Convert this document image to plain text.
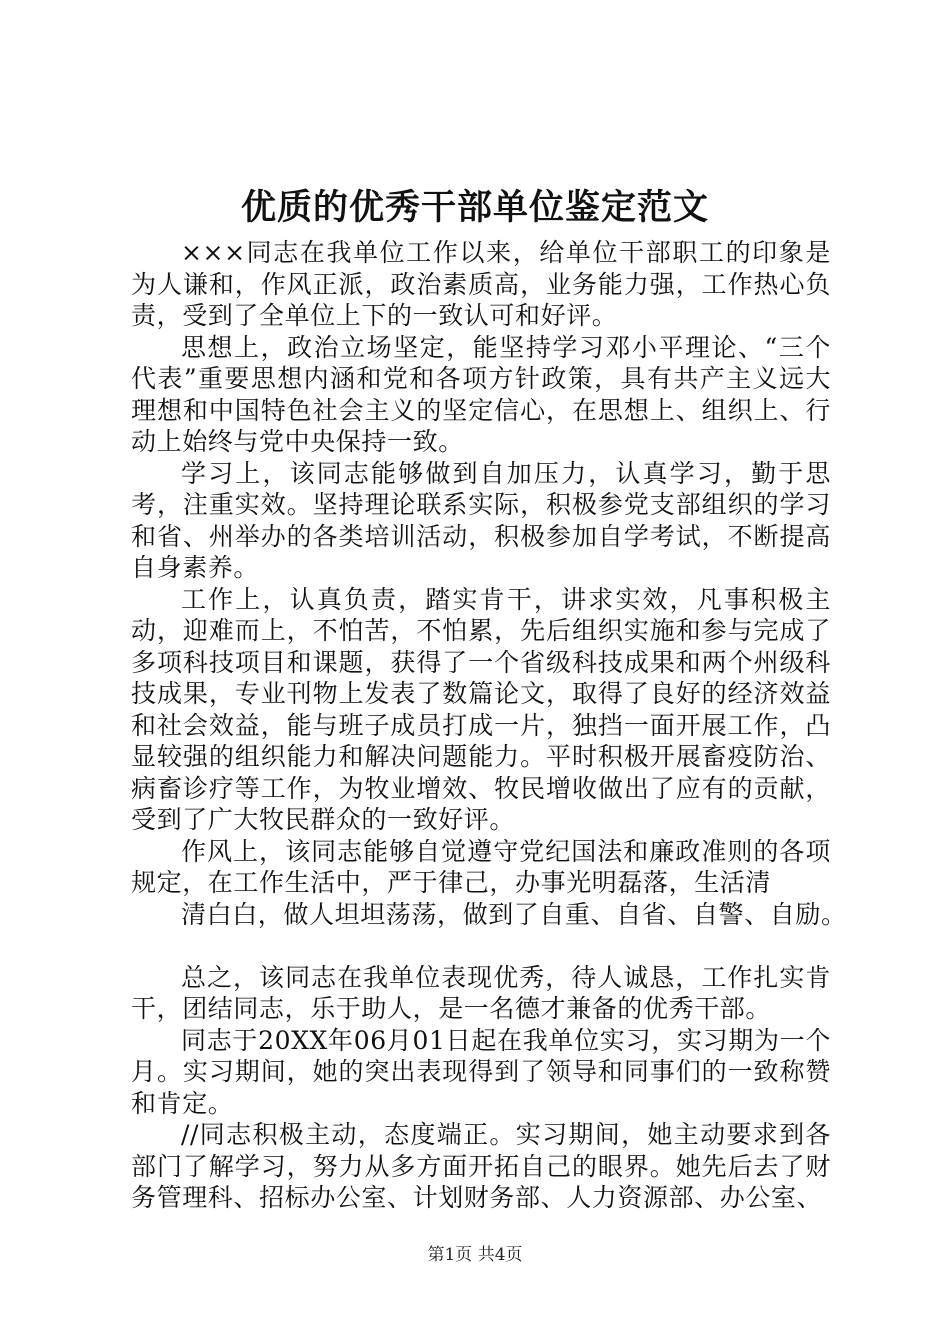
优质的优秀干部单位鉴定范文

×××同志在我单位工作以来，给单位干部职工的印象是为人谦和，作风正派，政治素质高，业务能力强，工作热心负责，受到了全单位上下的一致认可和好评。

思想上，政治立场坚定，能坚持学习邓小平理论、“三个代表”重要思想内涵和党和各项方针政策，具有共产主义远大理想和中国特色社会主义的坚定信心，在思想上、组织上、行动上始终与党中央保持一致。

学习上，该同志能够做到自加压力，认真学习，勤于思考，注重实效。坚持理论联系实际，积极参党支部组织的学习和省、州举办的各类培训活动，积极参加自学考试，不断提高自身素养。

工作上，认真负责，踏实肯干，讲求实效，凡事积极主动，迎难而上，不怕苦，不怕累，先后组织实施和参与完成了多项科技项目和课题，获得了一个省级科技成果和两个州级科技成果，专业刊物上发表了数篇论文，取得了良好的经济效益和社会效益，能与班子成员打成一片，独挡一面开展工作，凸显较强的组织能力和解决问题能力。平时积极开展畜疫防治、病畜诊疗等工作，为牧业增效、牧民增收做出了应有的贡献，受到了广大牧民群众的一致好评。

作风上，该同志能够自觉遵守党纪国法和廉政准则的各项规定，在工作生活中，严于律己，办事光明磊落，生活清

清白白，做人坦坦荡荡，做到了自重、自省、自警、自励。

总之，该同志在我单位表现优秀，待人诚恳，工作扎实肯干，团结同志，乐于助人，是一名德才兼备的优秀干部。

同志于20XX年06月01日起在我单位实习，实习期为一个月。实习期间，她的突出表现得到了领导和同事们的一致称赞和肯定。

//同志积极主动，态度端正。实习期间，她主动要求到各部门了解学习，努力从多方面开拓自己的眼界。她先后去了财务管理科、招标办公室、计划财务部、人力资源部、办公室、

第1页 共4页
